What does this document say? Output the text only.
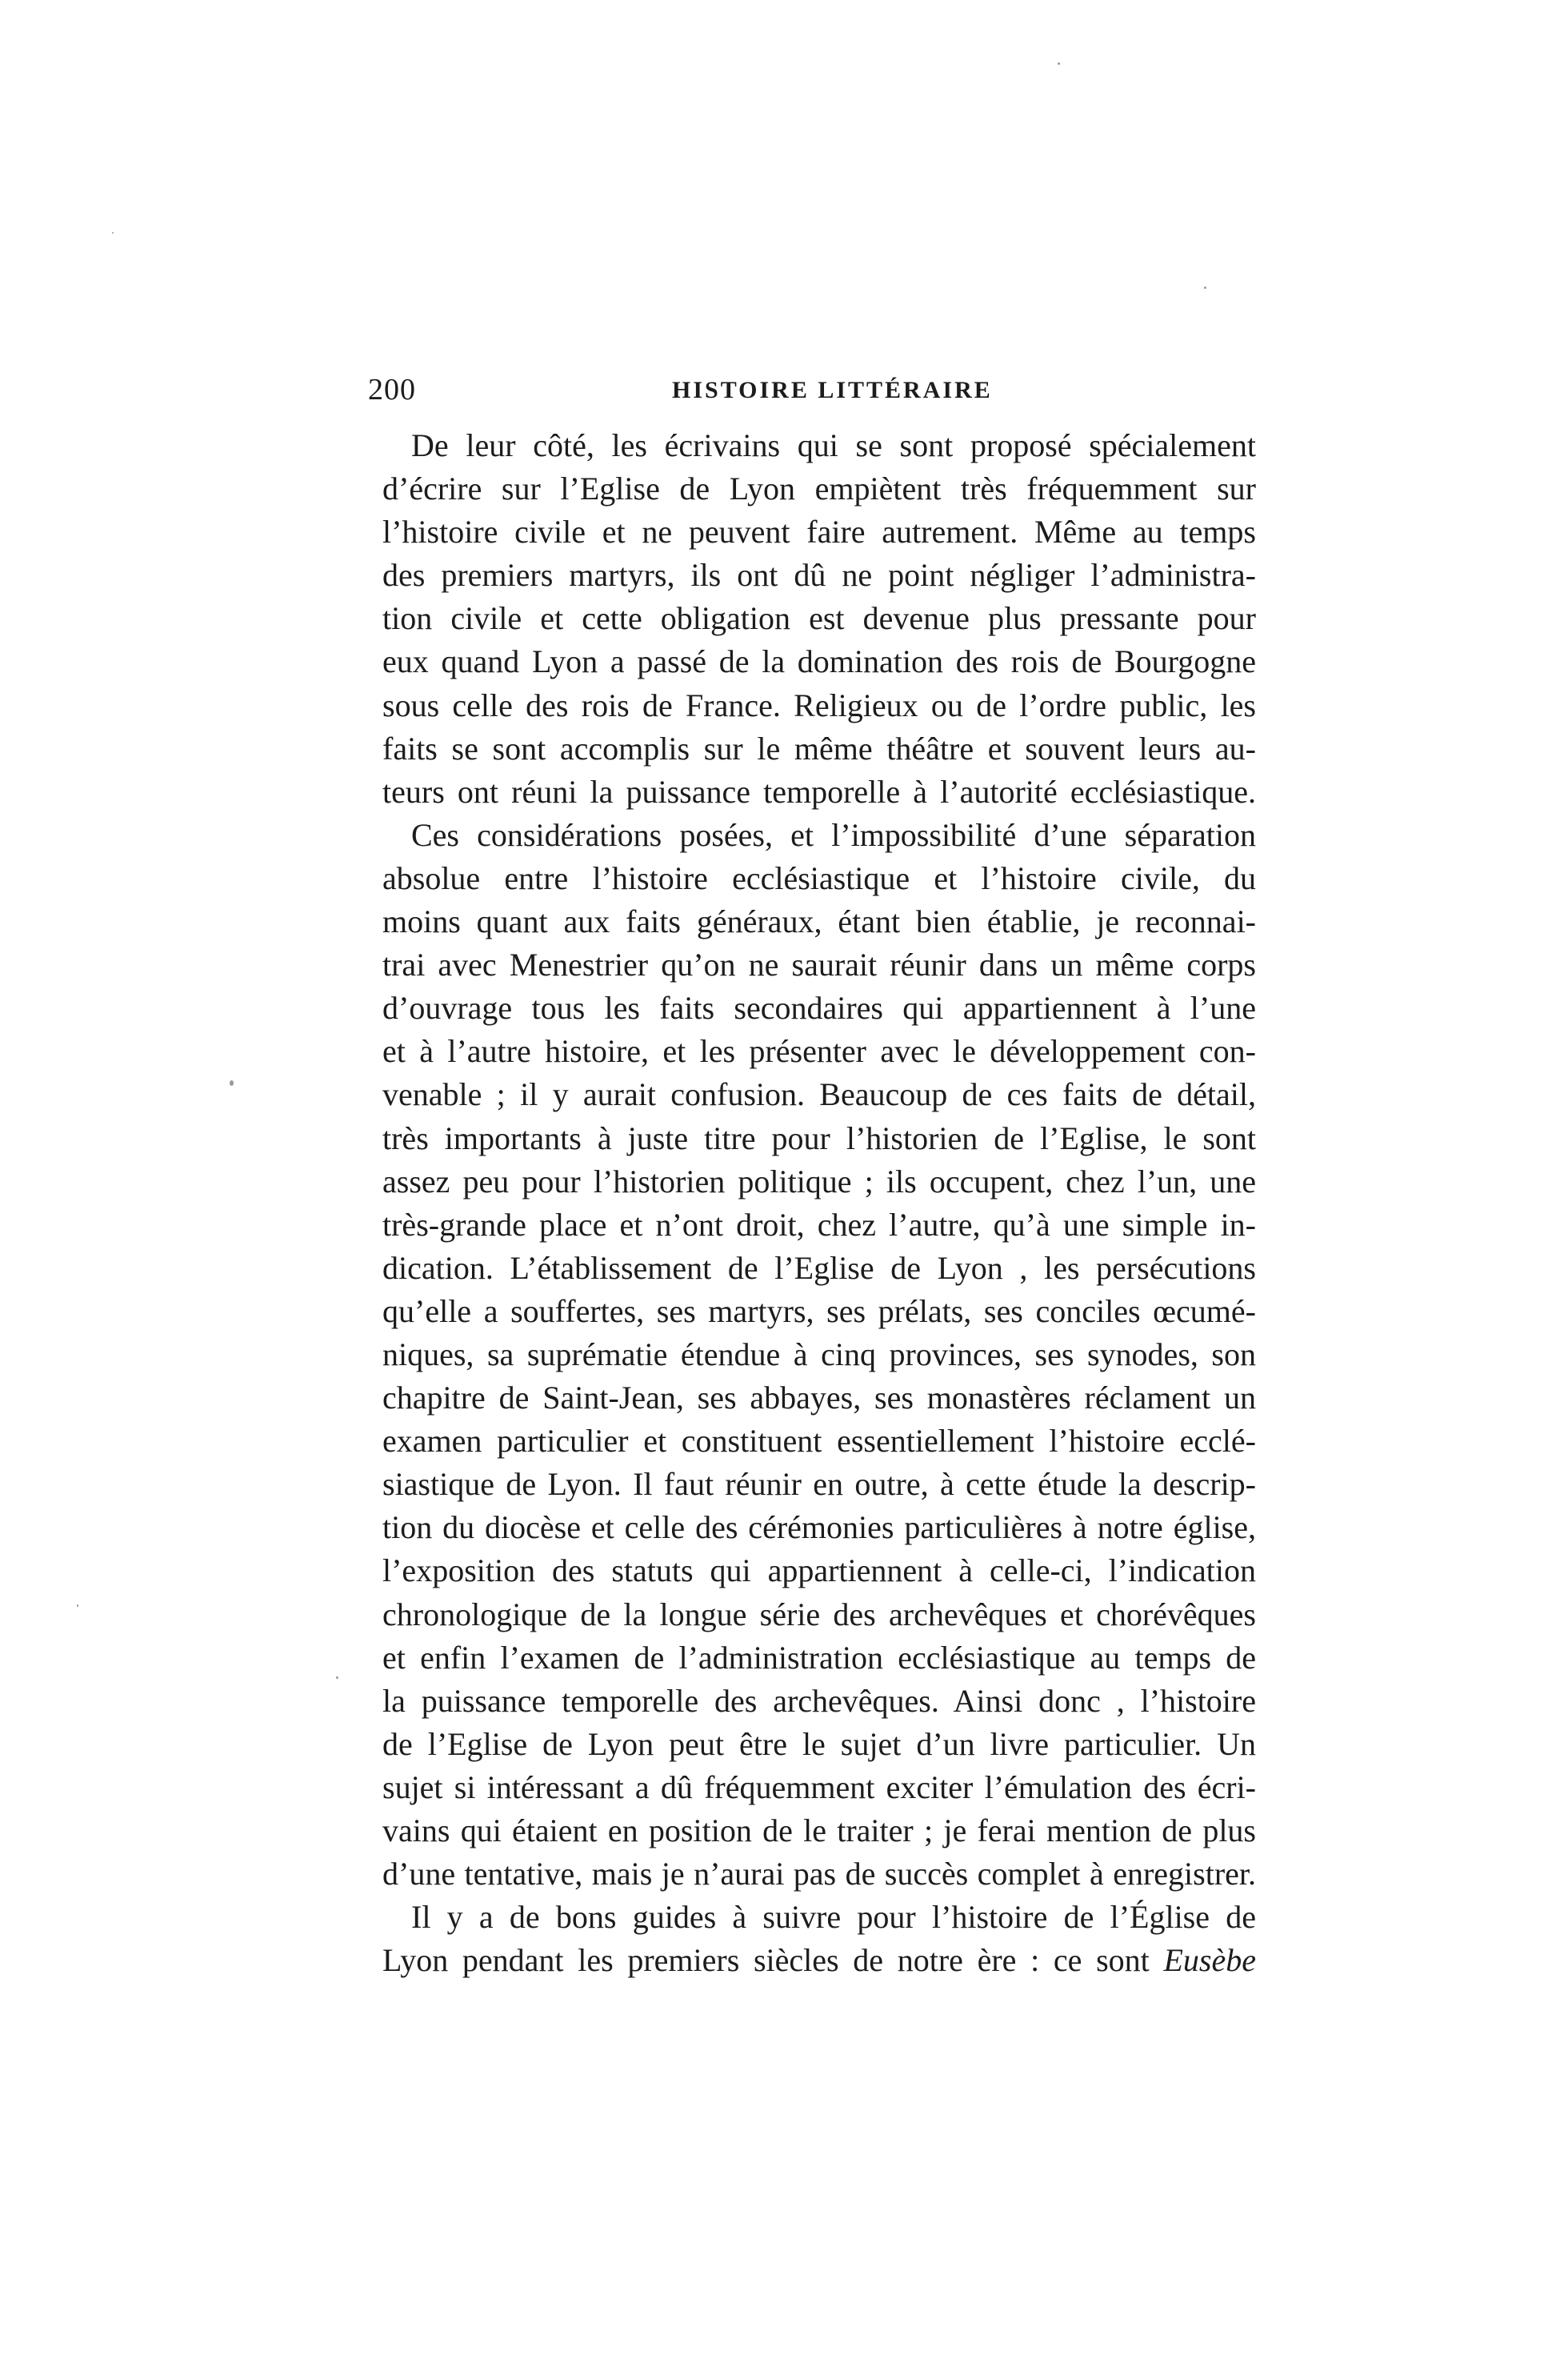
200	HISTOIRE LITTÉRAIRE
De leur côté, les écrivains qui se sont proposé spécialement
d’écrire sur l’Eglise de Lyon empiètent très fréquemment sur
l’histoire civile et ne peuvent faire autrement. Même au temps
des premiers martyrs, ils ont dû ne point négliger l’administra-
tion civile et cette obligation est devenue plus pressante pour
eux quand Lyon a passé de la domination des rois de Bourgogne
sous celle des rois de France. Religieux ou de l’ordre public, les
faits se sont accomplis sur le même théâtre et souvent leurs au-
teurs ont réuni la puissance temporelle à l’autorité ecclésiastique.
Ces considérations posées, et l’impossibilité d’une séparation
absolue entre l’histoire ecclésiastique et l’histoire civile, du
moins quant aux faits généraux, étant bien établie, je reconnai-
trai avec Menestrier qu’on ne saurait réunir dans un même corps
d’ouvrage tous les faits secondaires qui appartiennent à l’une
et à l’autre histoire, et les présenter avec le développement con-
venable ; il y aurait confusion. Beaucoup de ces faits de détail,
très importants à juste titre pour l’historien de l’Eglise, le sont
assez peu pour l’historien politique ; ils occupent, chez l’un, une
très-grande place et n’ont droit, chez l’autre, qu’à une simple in-
dication. L’établissement de l’Eglise de Lyon , les persécutions
qu’elle a souffertes, ses martyrs, ses prélats, ses conciles œcumé-
niques, sa suprématie étendue à cinq provinces, ses synodes, son
chapitre de Saint-Jean, ses abbayes, ses monastères réclament un
examen particulier et constituent essentiellement l’histoire ecclé-
siastique de Lyon. Il faut réunir en outre, à cette étude la descrip-
tion du diocèse et celle des cérémonies particulières à notre église,
l’exposition des statuts qui appartiennent à celle-ci, l’indication
chronologique de la longue série des archevêques et chorévêques
et enfin l’examen de l’administration ecclésiastique au temps de
la puissance temporelle des archevêques. Ainsi donc , l’histoire
de l’Eglise de Lyon peut être le sujet d’un livre particulier. Un
sujet si intéressant a dû fréquemment exciter l’émulation des écri-
vains qui étaient en position de le traiter ; je ferai mention de plus
d’une tentative, mais je n’aurai pas de succès complet à enregistrer.
Il y a de bons guides à suivre pour l’histoire de l’Église de
Lyon pendant les premiers siècles de notre ère : ce sont Eusèbe
